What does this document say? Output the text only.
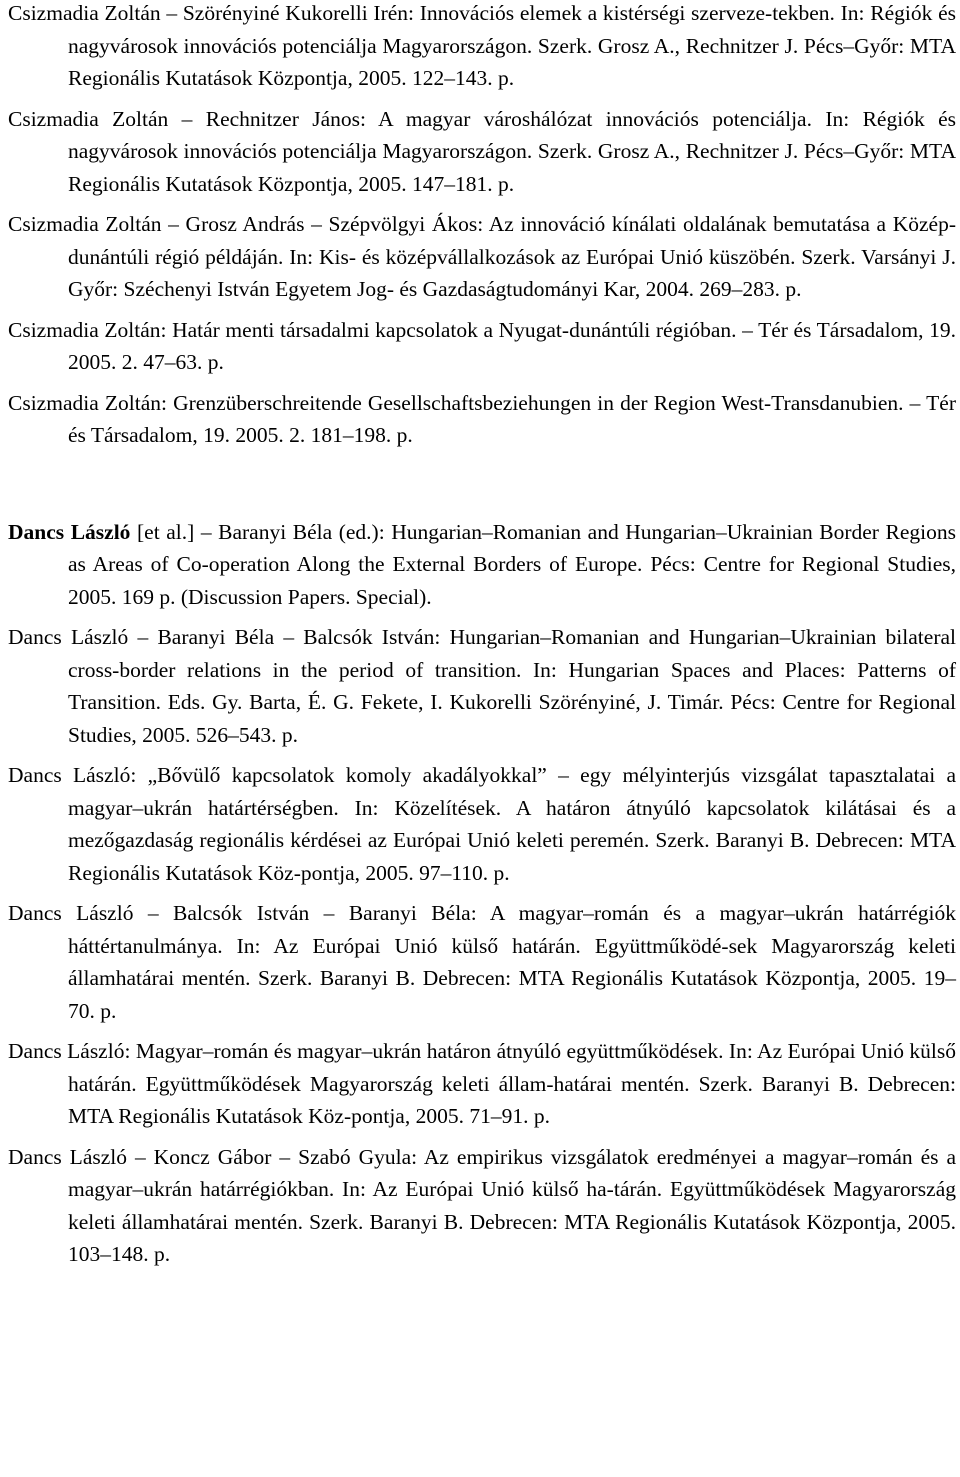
Csizmadia Zoltán – Szörényiné Kukorelli Irén: Innovációs elemek a kistérségi szerveze-tekben. In: Régiók és nagyvárosok innovációs potenciálja Magyarországon. Szerk. Grosz A., Rechnitzer J. Pécs–Győr: MTA Regionális Kutatások Központja, 2005. 122–143. p.

Csizmadia Zoltán – Rechnitzer János: A magyar városhálózat innovációs potenciálja. In: Régiók és nagyvárosok innovációs potenciálja Magyarországon. Szerk. Grosz A., Rechnitzer J. Pécs–Győr: MTA Regionális Kutatások Központja, 2005. 147–181. p.

Csizmadia Zoltán – Grosz András – Szépvölgyi Ákos: Az innováció kínálati oldalának bemutatása a Közép-dunántúli régió példáján. In: Kis- és középvállalkozások az Európai Unió küszöbén. Szerk. Varsányi J. Győr: Széchenyi István Egyetem Jog- és Gazdaságtudományi Kar, 2004. 269–283. p.

Csizmadia Zoltán: Határ menti társadalmi kapcsolatok a Nyugat-dunántúli régióban. – Tér és Társadalom, 19. 2005. 2. 47–63. p.

Csizmadia Zoltán: Grenzüberschreitende Gesellschaftsbeziehungen in der Region West-Transdanubien. – Tér és Társadalom, 19. 2005. 2. 181–198. p.

Dancs László [et al.] – Baranyi Béla (ed.): Hungarian–Romanian and Hungarian–Ukrainian Border Regions as Areas of Co-operation Along the External Borders of Europe. Pécs: Centre for Regional Studies, 2005. 169 p. (Discussion Papers. Special).

Dancs László – Baranyi Béla – Balcsók István: Hungarian–Romanian and Hungarian–Ukrainian bilateral cross-border relations in the period of transition. In: Hungarian Spaces and Places: Patterns of Transition. Eds. Gy. Barta, É. G. Fekete, I. Kukorelli Szörényiné, J. Timár. Pécs: Centre for Regional Studies, 2005. 526–543. p.

Dancs László: „Bővülő kapcsolatok komoly akadályokkal” – egy mélyinterjús vizsgálat tapasztalatai a magyar–ukrán határtérségben. In: Közelítések. A határon átnyúló kapcsolatok kilátásai és a mezőgazdaság regionális kérdései az Európai Unió keleti peremén. Szerk. Baranyi B. Debrecen: MTA Regionális Kutatások Köz-pontja, 2005. 97–110. p.

Dancs László – Balcsók István – Baranyi Béla: A magyar–román és a magyar–ukrán határrégiók háttértanulmánya. In: Az Európai Unió külső határán. Együttműködé-sek Magyarország keleti államhatárai mentén. Szerk. Baranyi B. Debrecen: MTA Regionális Kutatások Központja, 2005. 19–70. p.

Dancs László: Magyar–román és magyar–ukrán határon átnyúló együttműködések. In: Az Európai Unió külső határán. Együttműködések Magyarország keleti állam-határai mentén. Szerk. Baranyi B. Debrecen: MTA Regionális Kutatások Köz-pontja, 2005. 71–91. p.

Dancs László – Koncz Gábor – Szabó Gyula: Az empirikus vizsgálatok eredményei a magyar–román és a magyar–ukrán határrégiókban. In: Az Európai Unió külső ha-tárán. Együttműködések Magyarország keleti államhatárai mentén. Szerk. Baranyi B. Debrecen: MTA Regionális Kutatások Központja, 2005. 103–148. p.
